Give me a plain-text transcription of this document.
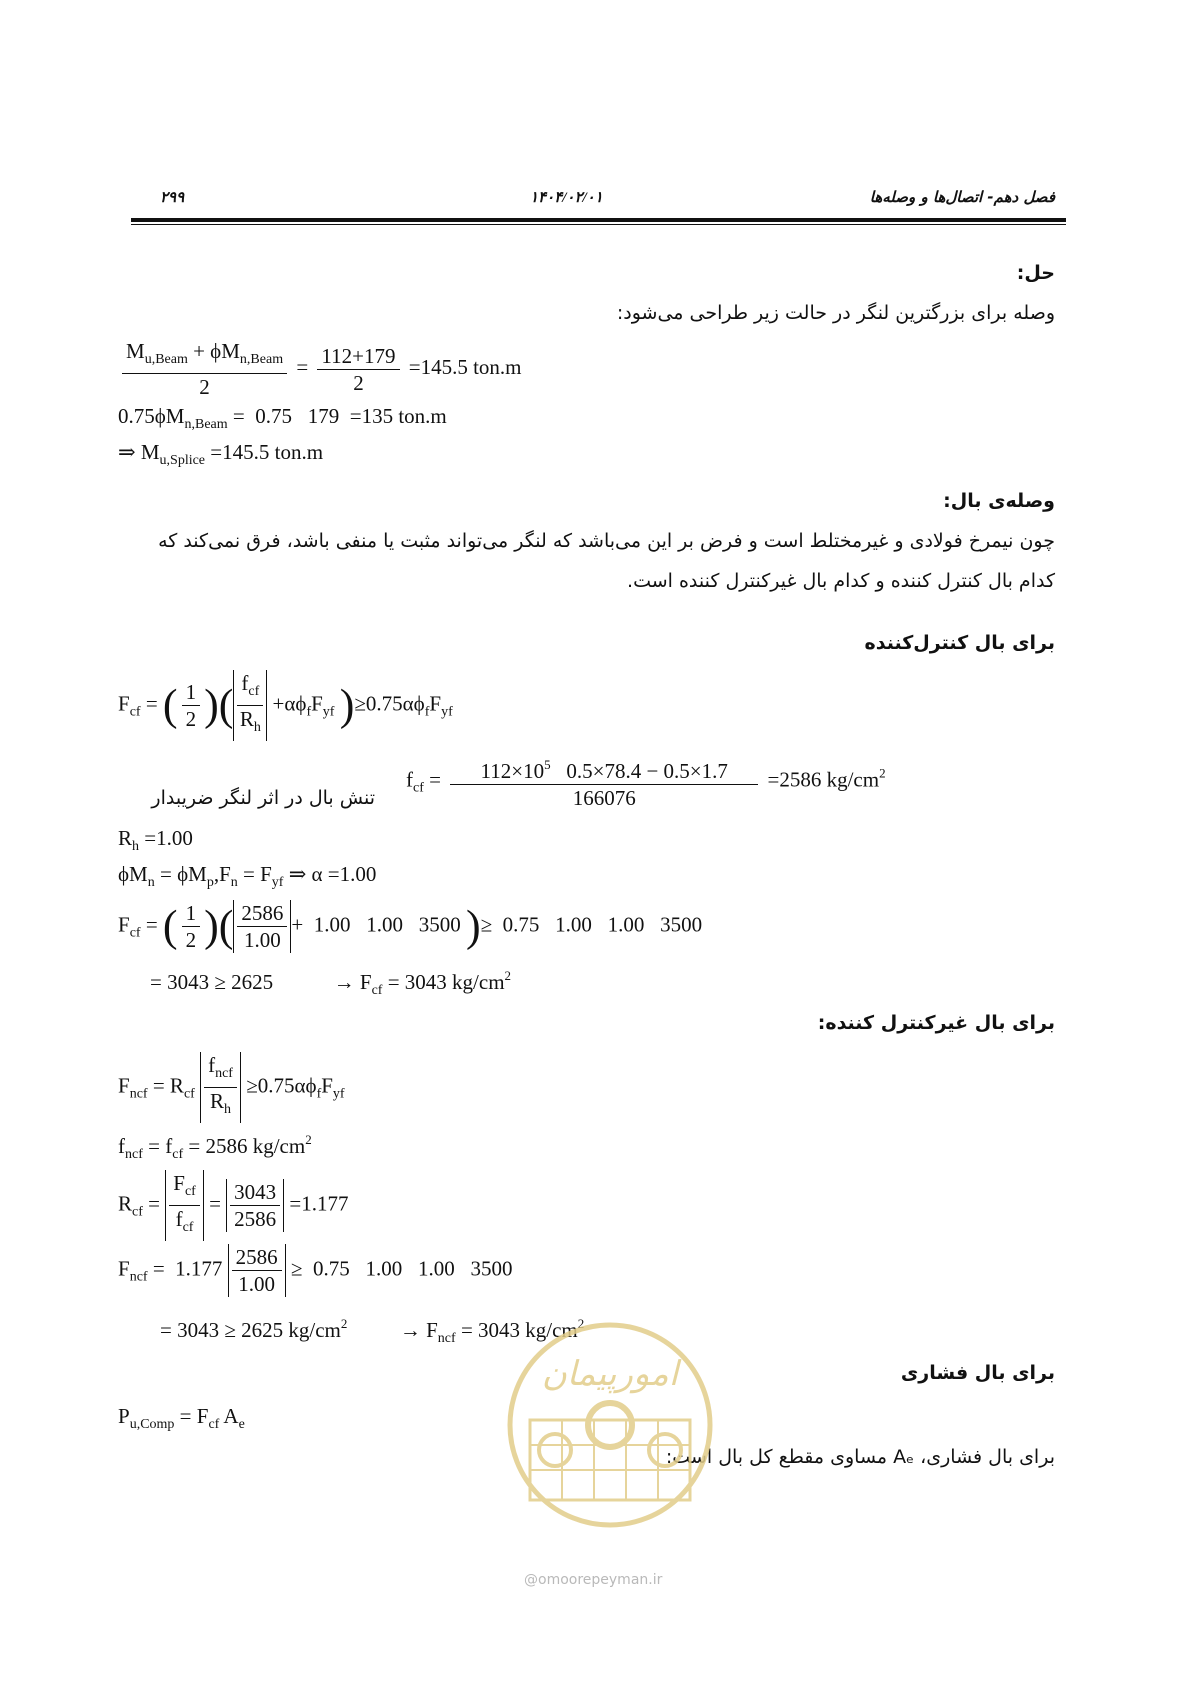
۲۹۹	۱۴۰۴/۰۲/۰۱	فصل دهم- اتصال‌ها و وصله‌ها
حل:
وصله برای بزرگترین لنگر در حالت زیر طراحی می‌شود:
$\frac{M_{u,Beam} + \phi M_{n,Beam}}{2} = \frac{112+179}{2} =145.5$ ton.m
$0.75\phi M_{n,Beam} = 0.75$   179  =135 ton.m
⇒ $M_{u,Splice} =145.5$ ton.m
وصله‌ی بال:
چون نیمرخ فولادی و غیرمختلط است و فرض بر این می‌باشد که لنگر می‌تواند مثبت یا منفی باشد، فرق نمی‌کند که
کدام بال کنترل کننده و کدام بال غیرکنترل کننده است.
برای بال کنترل‌کننده
$F_{cf}$ = ( $\frac{1}{2}$ )( $\frac{f_{cf}}{R_h} +\alpha\phi_fF_{yf}$ )$\ge 0.75\alpha\phi_fF_{yf}$
$f_{cf} = \frac{112\times 10^5 0.5\times 78.4 - 0.5\times 1.7}{166076} =2586$ $kg/cm^2$
تنش بال در اثر لنگر ضریبدار
$R_h =1.00$
$\phi M_n = \phi M_p,F_n = F_{yf}$ ⇒ α =1.00
$F_{cf}$ = ( $\frac{1}{2}$ )( $\frac{2586}{1.00} + 1.00$   1.00   3500 )≥  0.75   1.00   1.00   3500
= 3043 ≥ 2625	→ $F_{cf} = 3043$ $kg/cm^2$
برای بال غیرکنترل کننده:
$F_{ncf} = R_{cf} \frac{f_{ncf}}{R_h} \ge 0.75\alpha\phi_fF_{yf}$
$f_{ncf} = f_{cf} = 2586$ $kg/cm^2$
$R_{cf} = \frac{F_{cf}}{f_{cf}} = \frac{3043}{2586} =1.177$
$F_{ncf} = 1.177 \frac{2586}{1.00} \ge 0.75$   1.00   1.00   3500
= 3043 ≥ 2625 $kg/cm^2$	→ $F_{ncf} = 3043$ $kg/cm^2$
برای بال فشاری
$P_{u,Comp} = F_{cf}$ $A_e$
برای بال فشاری، Aₑ مساوی مقطع کل بال است:
امورپیمان
@omoorepeyman.ir
